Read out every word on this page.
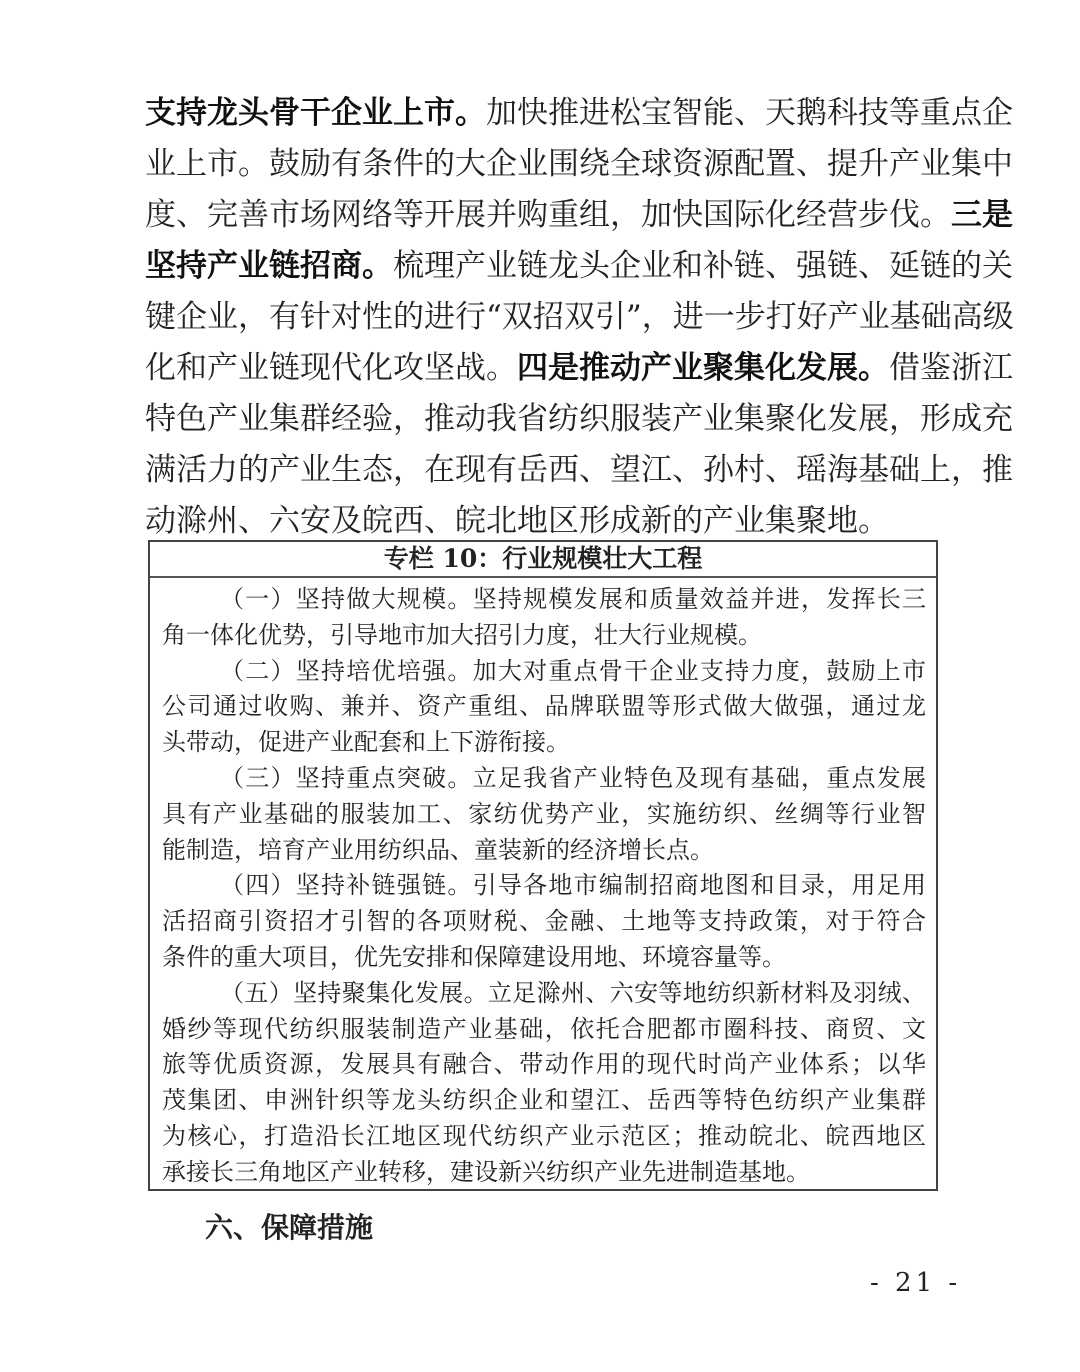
支持龙头骨干企业上市。加快推进松宝智能、天鹅科技等重点企
业上市。鼓励有条件的大企业围绕全球资源配置、提升产业集中
度、完善市场网络等开展并购重组，加快国际化经营步伐。三是
坚持产业链招商。梳理产业链龙头企业和补链、强链、延链的关
键企业，有针对性的进行“双招双引”，进一步打好产业基础高级
化和产业链现代化攻坚战。四是推动产业聚集化发展。借鉴浙江
特色产业集群经验，推动我省纺织服装产业集聚化发展，形成充
满活力的产业生态，在现有岳西、望江、孙村、瑶海基础上，推
动滁州、六安及皖西、皖北地区形成新的产业集聚地。
专栏 10：行业规模壮大工程
（一）坚持做大规模。坚持规模发展和质量效益并进，发挥长三
角一体化优势，引导地市加大招引力度，壮大行业规模。
（二）坚持培优培强。加大对重点骨干企业支持力度，鼓励上市
公司通过收购、兼并、资产重组、品牌联盟等形式做大做强，通过龙
头带动，促进产业配套和上下游衔接。
（三）坚持重点突破。立足我省产业特色及现有基础，重点发展
具有产业基础的服装加工、家纺优势产业，实施纺织、丝绸等行业智
能制造，培育产业用纺织品、童装新的经济增长点。
（四）坚持补链强链。引导各地市编制招商地图和目录，用足用
活招商引资招才引智的各项财税、金融、土地等支持政策，对于符合
条件的重大项目，优先安排和保障建设用地、环境容量等。
（五）坚持聚集化发展。立足滁州、六安等地纺织新材料及羽绒、
婚纱等现代纺织服装制造产业基础，依托合肥都市圈科技、商贸、文
旅等优质资源，发展具有融合、带动作用的现代时尚产业体系；以华
茂集团、申洲针织等龙头纺织企业和望江、岳西等特色纺织产业集群
为核心，打造沿长江地区现代纺织产业示范区；推动皖北、皖西地区
承接长三角地区产业转移，建设新兴纺织产业先进制造基地。
六、保障措施
- 21 -
